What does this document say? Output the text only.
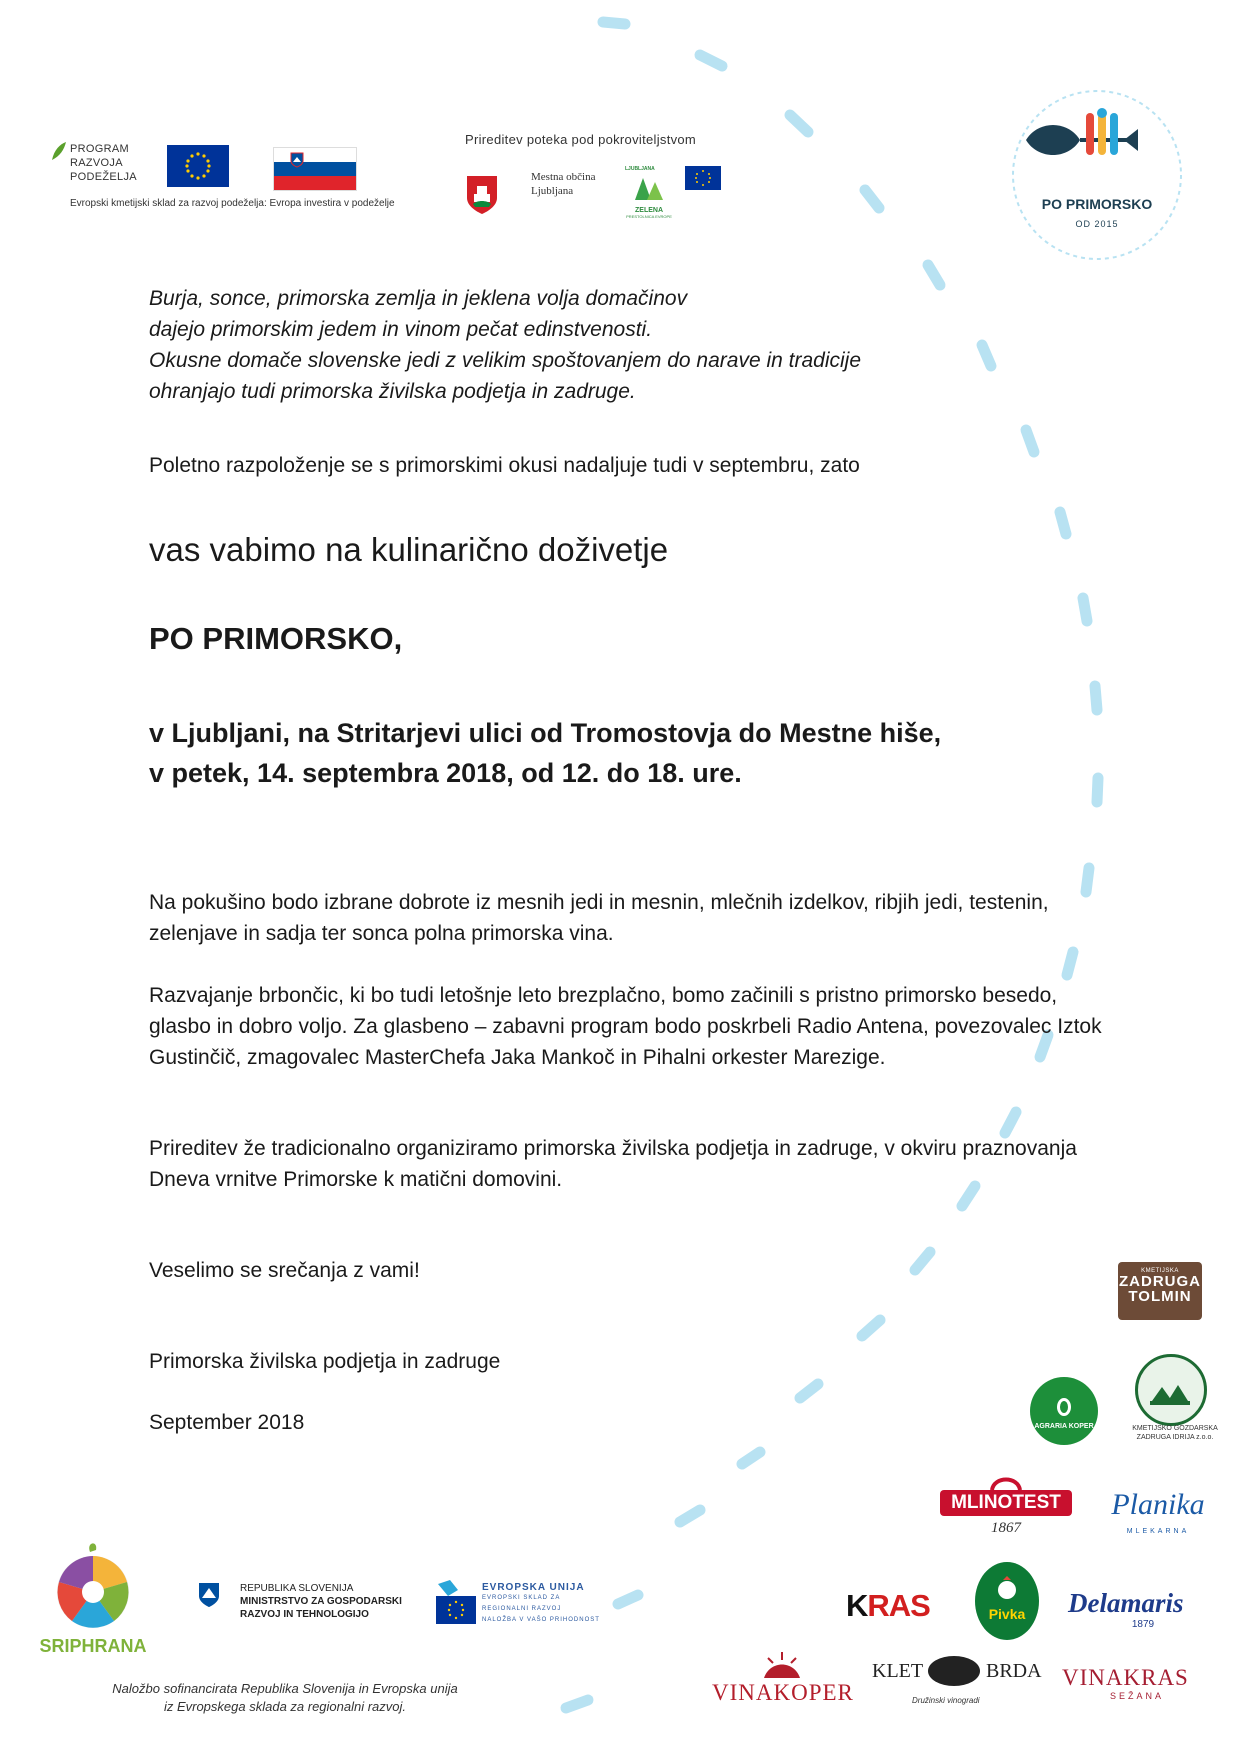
PROGRAM
RAZVOJA
PODEŽELJA
Evropski kmetijski sklad za razvoj podeželja: Evropa investira v podeželje
Prireditev poteka pod pokroviteljstvom
Mestna občina
Ljubljana
LJUBLJANA
ZELENA
PRESTOLNICA EVROPE
PO PRIMORSKO
OD 2015
Burja, sonce, primorska zemlja in jeklena volja domačinov
dajejo primorskim jedem in vinom pečat edinstvenosti.
Okusne domače slovenske jedi z velikim spoštovanjem do narave in tradicije
ohranjajo tudi primorska živilska podjetja in zadruge.
Poletno razpoloženje se s primorskimi okusi nadaljuje tudi v septembru, zato
vas vabimo na kulinarično doživetje
PO PRIMORSKO,
v Ljubljani, na Stritarjevi ulici od Tromostovja do Mestne hiše,
v petek, 14. septembra 2018, od 12. do 18. ure.
Na pokušino bodo izbrane dobrote iz mesnih jedi in mesnin, mlečnih izdelkov, ribjih jedi, testenin, zelenjave in sadja ter sonca polna primorska vina.
Razvajanje brbončic, ki bo tudi letošnje leto brezplačno, bomo začinili s pristno primorsko besedo, glasbo in dobro voljo. Za glasbeno – zabavni program bodo poskrbeli Radio Antena, povezovalec Iztok Gustinčič, zmagovalec MasterChefa Jaka Mankoč in Pihalni orkester Marezige.
Prireditev že tradicionalno organiziramo primorska živilska podjetja in zadruge, v okviru praznovanja Dneva vrnitve Primorske k matični domovini.
Veselimo se srečanja z vami!
Primorska živilska podjetja in zadruge
September 2018
SRIPHRANA
REPUBLIKA SLOVENIJA
MINISTRSTVO ZA GOSPODARSKI
RAZVOJ IN TEHNOLOGIJO
EVROPSKA UNIJA
EVROPSKI SKLAD ZA
REGIONALNI RAZVOJ
NALOŽBA V VAŠO PRIHODNOST
Naložbo sofinancirata Republika Slovenija in Evropska unija
iz Evropskega sklada za regionalni razvoj.
KMETIJSKA
ZADRUGA
TOLMIN
AGRARIA KOPER	KMETIJSKO GOZDARSKA ZADRUGA IDRIJA z.o.o.
MLINOTEST
1867
Planika
MLEKARNA
KRAS	Pivka	Delamaris
1879
VINAKOPER
KLET	BRDA
Družinski vinogradi
VINAKRAS
SEŽANA
